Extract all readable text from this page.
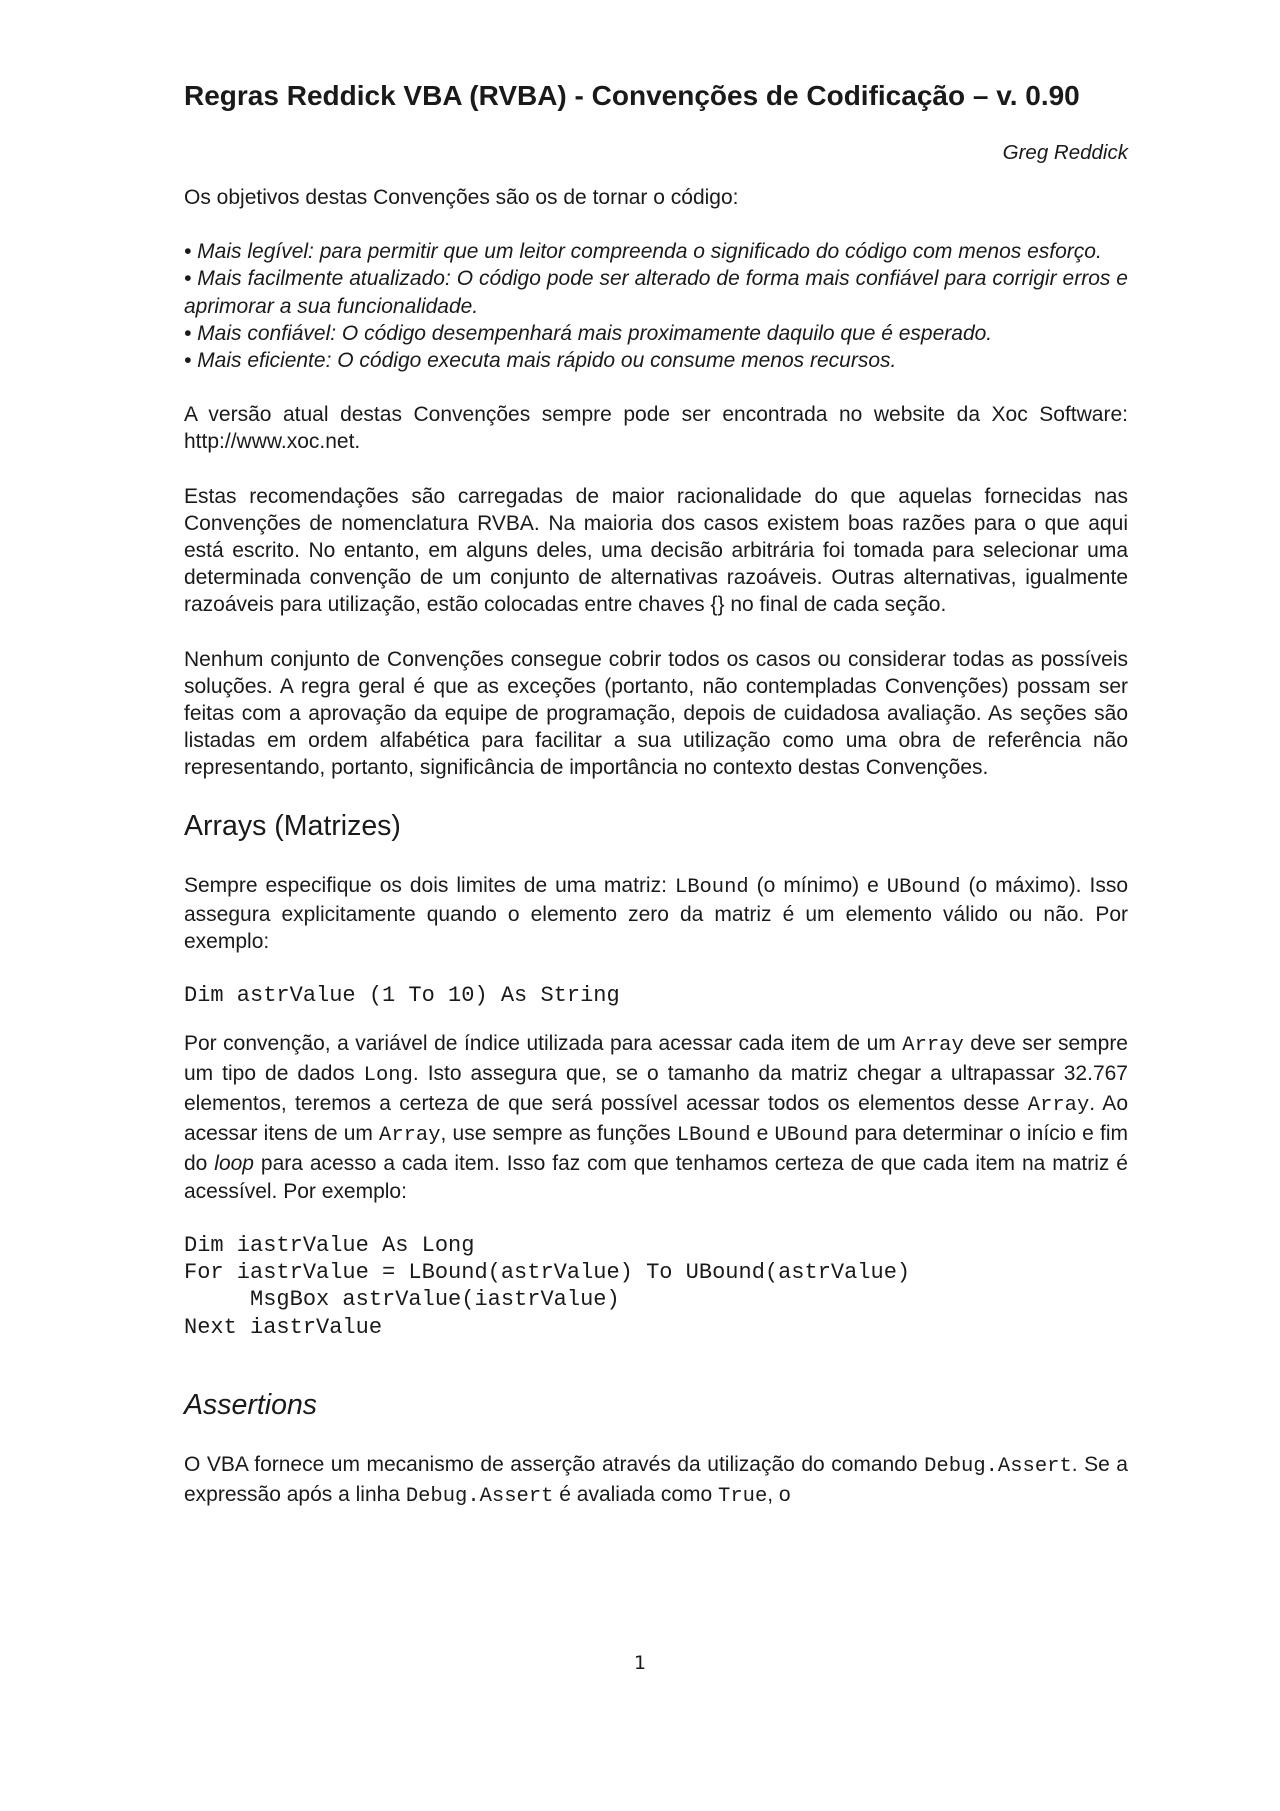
Regras Reddick VBA (RVBA) - Convenções de Codificação – v. 0.90
Greg Reddick

Os objetivos destas Convenções são os de tornar o código:

• Mais legível: para permitir que um leitor compreenda o significado do código com menos esforço.

• Mais facilmente atualizado: O código pode ser alterado de forma mais confiável para corrigir erros e aprimorar a sua funcionalidade.

• Mais confiável: O código desempenhará mais proximamente daquilo que é esperado.

• Mais eficiente: O código executa mais rápido ou consume menos recursos.

A versão atual destas Convenções sempre pode ser encontrada no website da Xoc Software: http://www.xoc.net.

Estas recomendações são carregadas de maior racionalidade do que aquelas fornecidas nas Convenções de nomenclatura RVBA. Na maioria dos casos existem boas razões para o que aqui está escrito. No entanto, em alguns deles, uma decisão arbitrária foi tomada para selecionar uma determinada convenção de um conjunto de alternativas razoáveis. Outras alternativas, igualmente razoáveis para utilização, estão colocadas entre chaves {} no final de cada seção.

Nenhum conjunto de Convenções consegue cobrir todos os casos ou considerar todas as possíveis soluções. A regra geral é que as exceções (portanto, não contempladas Convenções) possam ser feitas com a aprovação da equipe de programação, depois de cuidadosa avaliação. As seções são listadas em ordem alfabética para facilitar a sua utilização como uma obra de referência não representando, portanto, significância de importância no contexto destas Convenções.

Arrays (Matrizes)

Sempre especifique os dois limites de uma matriz: LBound (o mínimo) e UBound (o máximo). Isso assegura explicitamente quando o elemento zero da matriz é um elemento válido ou não. Por exemplo:

Dim astrValue (1 To 10) As String

Por convenção, a variável de índice utilizada para acessar cada item de um Array deve ser sempre um tipo de dados Long. Isto assegura que, se o tamanho da matriz chegar a ultrapassar 32.767 elementos, teremos a certeza de que será possível acessar todos os elementos desse Array. Ao acessar itens de um Array, use sempre as funções LBound e UBound para determinar o início e fim do loop para acesso a cada item. Isso faz com que tenhamos certeza de que cada item na matriz é acessível. Por exemplo:

Dim iastrValue As Long
For iastrValue = LBound(astrValue) To UBound(astrValue)
MsgBox astrValue(iastrValue)
Next iastrValue
Assertions

O VBA fornece um mecanismo de asserção através da utilização do comando Debug.Assert. Se a expressão após a linha Debug.Assert é avaliada como True, o

1
